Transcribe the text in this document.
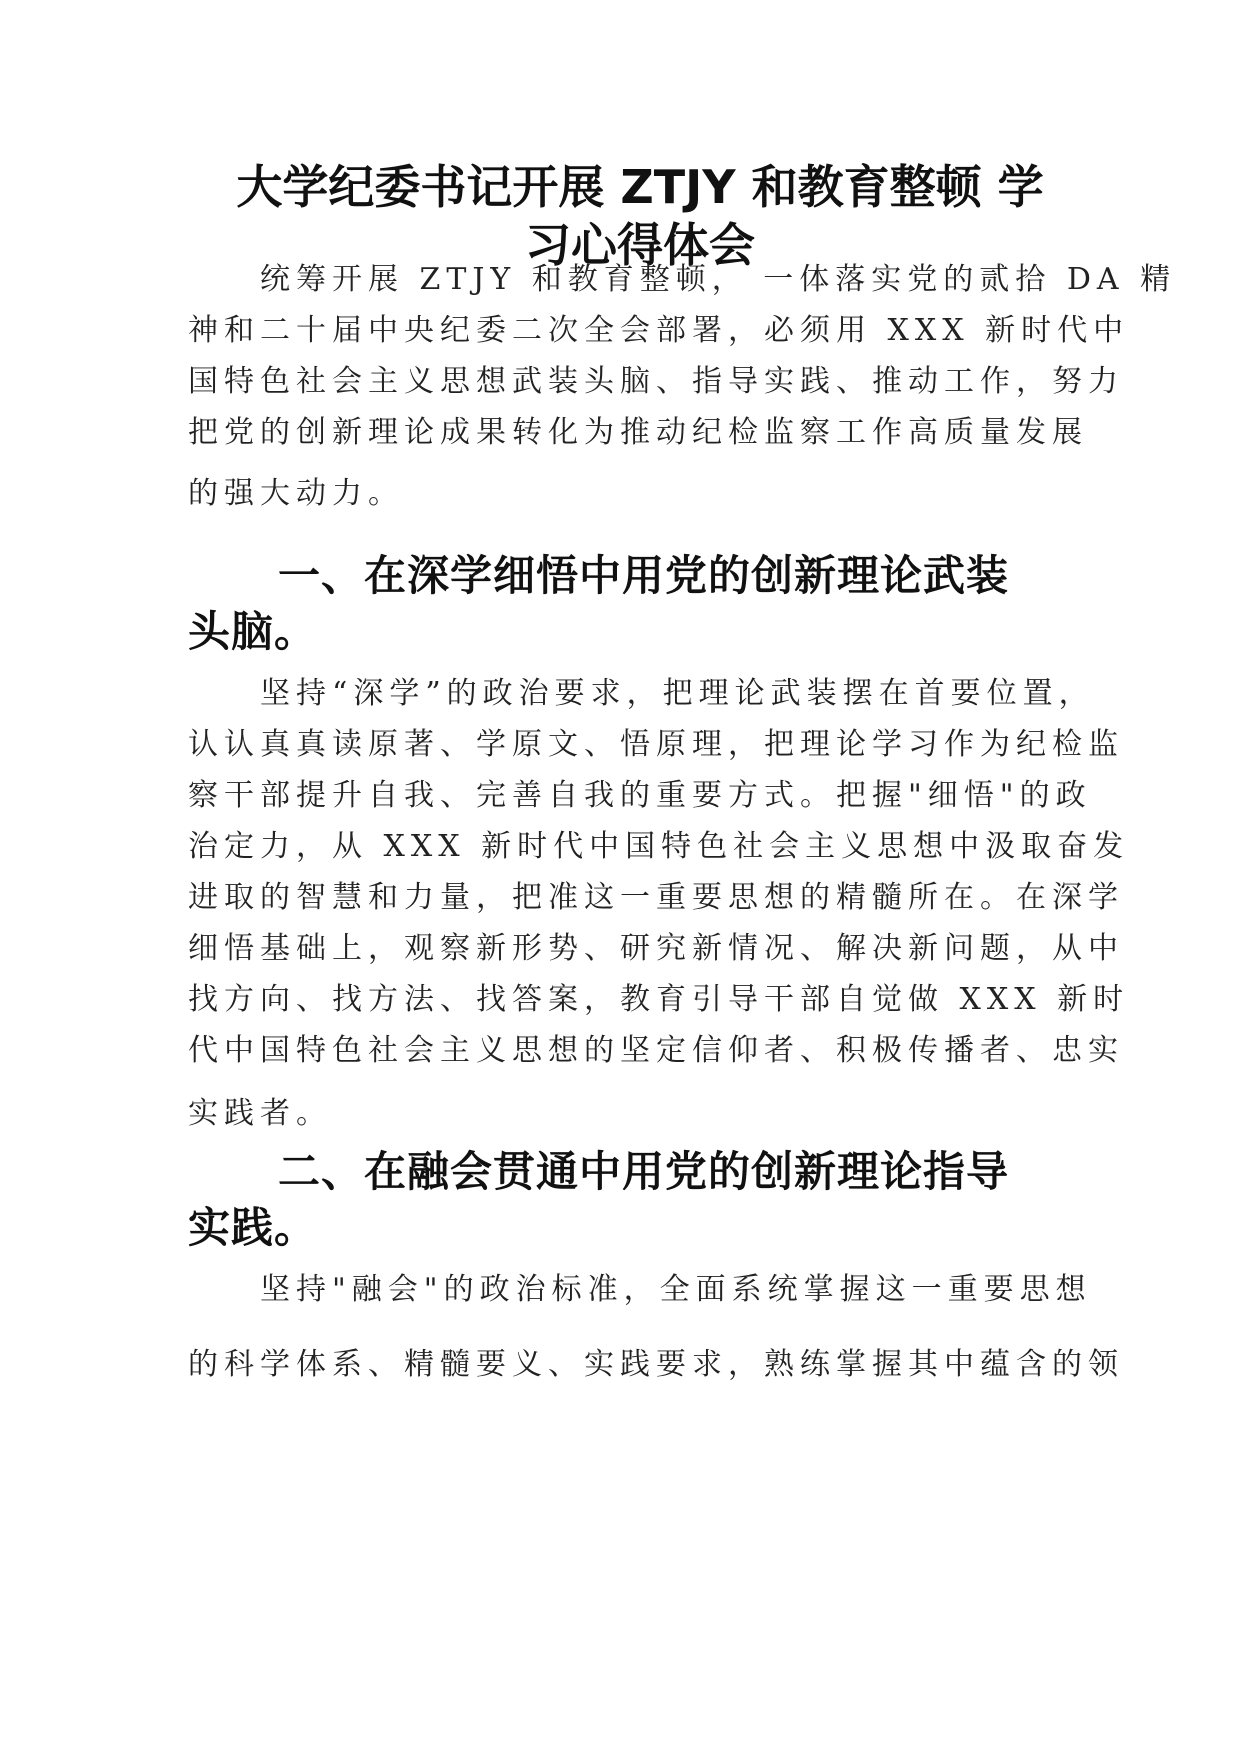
大学纪委书记开展 ZTJY 和教育整顿 学
习心得体会
统筹开展 ZTJY 和教育整顿， 一体落实党的贰拾 DA 精
神和二十届中央纪委二次全会部署，必须用 XXX 新时代中
国特色社会主义思想武装头脑、指导实践、推动工作，努力
把党的创新理论成果转化为推动纪检监察工作高质量发展
的强大动力。
一、在深学细悟中用党的创新理论武装
头脑。
坚持“深学”的政治要求，把理论武装摆在首要位置，
认认真真读原著、学原文、悟原理，把理论学习作为纪检监
察干部提升自我、完善自我的重要方式。把握"细悟"的政
治定力，从 XXX 新时代中国特色社会主义思想中汲取奋发
进取的智慧和力量，把准这一重要思想的精髓所在。在深学
细悟基础上，观察新形势、研究新情况、解决新问题，从中
找方向、找方法、找答案，教育引导干部自觉做 XXX 新时
代中国特色社会主义思想的坚定信仰者、积极传播者、忠实
实践者。
二、在融会贯通中用党的创新理论指导
实践。
坚持"融会"的政治标准，全面系统掌握这一重要思想
的科学体系、精髓要义、实践要求，熟练掌握其中蕴含的领
